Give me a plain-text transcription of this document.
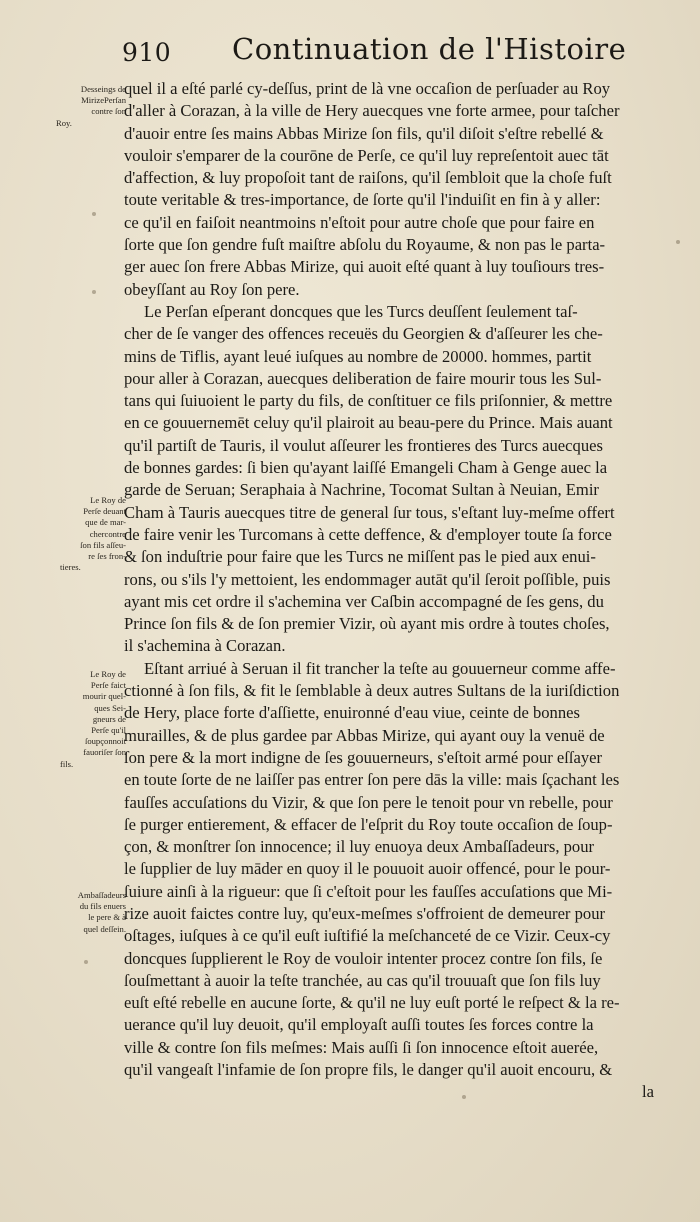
910 Continuation de l'Histoire
Desseings de
MirizePerſan
contre ſon
Roy.
Le Roy de
Perſe deuant
que de mar-
chercontre
ſon fils aſſeu-
re ſes fron-
tieres.
Le Roy de
Perſe faict
mourir quel-
ques Sei-
gneurs de
Perſe qu'il
ſoupçonnoit
fauoriſer ſon
fils.
Ambaſſadeurs
du fils enuers
le pere & à
quel deſſein.
quel il a eſté parlé cy-deſſus, print de là vne occaſion de perſuader au Roy
d'aller à Corazan, à la ville de Hery auecques vne forte armee, pour taſcher
d'auoir entre ſes mains Abbas Mirize ſon fils, qu'il diſoit s'eſtre rebellé &
vouloir s'emparer de la courōne de Perſe, ce qu'il luy repreſentoit auec tāt
d'affection, & luy propoſoit tant de raiſons, qu'il ſembloit que la choſe fuſt
toute veritable & tres-importance, de ſorte qu'il l'induiſit en fin à y aller:
ce qu'il en faiſoit neantmoins n'eſtoit pour autre choſe que pour faire en
ſorte que ſon gendre fuſt maiſtre abſolu du Royaume, & non pas le parta-
ger auec ſon frere Abbas Mirize, qui auoit eſté quant à luy touſiours tres-
obeyſſant au Roy ſon pere.
Le Perſan eſperant doncques que les Turcs deuſſent ſeulement taſ-
cher de ſe vanger des offences receuës du Georgien & d'aſſeurer les che-
mins de Tiflis, ayant leué iuſques au nombre de 20000. hommes, partit
pour aller à Corazan, auecques deliberation de faire mourir tous les Sul-
tans qui ſuiuoient le party du fils, de conſtituer ce fils priſonnier, & mettre
en ce gouuernemēt celuy qu'il plairoit au beau-pere du Prince. Mais auant
qu'il partiſt de Tauris, il voulut aſſeurer les frontieres des Turcs auecques
de bonnes gardes: ſi bien qu'ayant laiſſé Emangeli Cham à Genge auec la
garde de Seruan; Seraphaia à Nachrine, Tocomat Sultan à Neuian, Emir
Cham à Tauris auecques titre de general ſur tous, s'eſtant luy-meſme offert
de faire venir les Turcomans à cette deffence, & d'employer toute ſa force
& ſon induſtrie pour faire que les Turcs ne miſſent pas le pied aux enui-
rons, ou s'ils l'y mettoient, les endommager autāt qu'il ſeroit poſſible, puis
ayant mis cet ordre il s'achemina ver Caſbin accompagné de ſes gens, du
Prince ſon fils & de ſon premier Vizir, où ayant mis ordre à toutes choſes,
il s'achemina à Corazan.
Eſtant arriué à Seruan il fit trancher la teſte au gouuerneur comme affe-
ctionné à ſon fils, & fit le ſemblable à deux autres Sultans de la iuriſdiction
de Hery, place forte d'aſſiette, enuironné d'eau viue, ceinte de bonnes
murailles, & de plus gardee par Abbas Mirize, qui ayant ouy la venuë de
ſon pere & la mort indigne de ſes gouuerneurs, s'eſtoit armé pour eſſayer
en toute ſorte de ne laiſſer pas entrer ſon pere dās la ville: mais ſçachant les
fauſſes accuſations du Vizir, & que ſon pere le tenoit pour vn rebelle, pour
ſe purger entierement, & effacer de l'eſprit du Roy toute occaſion de ſoup-
çon, & monſtrer ſon innocence; il luy enuoya deux Ambaſſadeurs, pour
le ſupplier de luy māder en quoy il le pouuoit auoir offencé, pour le pour-
ſuiure ainſi à la rigueur: que ſi c'eſtoit pour les fauſſes accuſations que Mi-
rize auoit faictes contre luy, qu'eux-meſmes s'offroient de demeurer pour
oſtages, iuſques à ce qu'il euſt iuſtifié la meſchanceté de ce Vizir. Ceux-cy
doncques ſupplierent le Roy de vouloir intenter procez contre ſon fils, ſe
ſouſmettant à auoir la teſte tranchée, au cas qu'il trouuaſt que ſon fils luy
euſt eſté rebelle en aucune ſorte, & qu'il ne luy euſt porté le reſpect & la re-
uerance qu'il luy deuoit, qu'il employaſt auſſi toutes ſes forces contre la
ville & contre ſon fils meſmes: Mais auſſi ſi ſon innocence eſtoit auerée,
qu'il vangeaſt l'infamie de ſon propre fils, le danger qu'il auoit encouru, &
la
